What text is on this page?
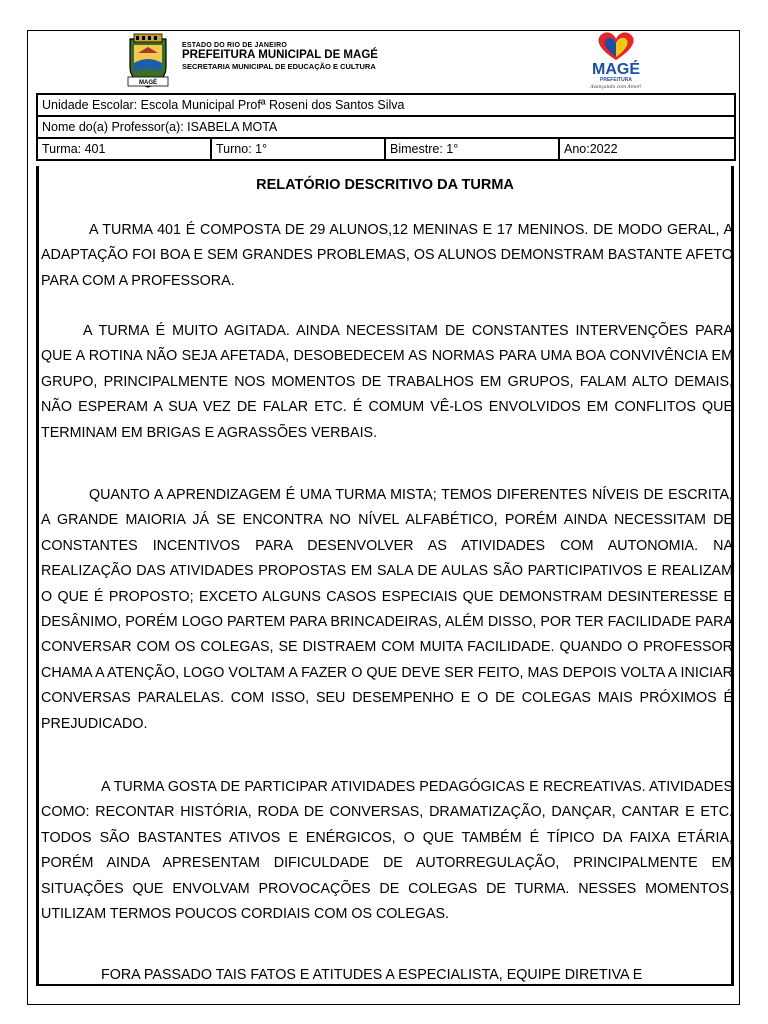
MAGÉ
ESTADO DO RIO DE JANEIRO
PREFEITURA MUNICIPAL DE MAGÉ
SECRETARIA MUNICIPAL DE EDUCAÇÃO E CULTURA	MAGÉ
PREFEITURA
Avançando com Amor!
Unidade Escolar: Escola Municipal Profª Roseni dos Santos Silva
Nome do(a) Professor(a): ISABELA MOTA
Turma: 401	Turno: 1°	Bimestre: 1°	Ano:2022
RELATÓRIO DESCRITIVO DA TURMA

A TURMA 401 É COMPOSTA DE 29 ALUNOS,12 MENINAS E 17 MENINOS. DE MODO GERAL, A ADAPTAÇÃO FOI BOA E SEM GRANDES PROBLEMAS, OS ALUNOS DEMONSTRAM BASTANTE AFETO PARA COM A PROFESSORA.

A TURMA É MUITO AGITADA. AINDA NECESSITAM DE CONSTANTES INTERVENÇÕES PARA QUE A ROTINA NÃO SEJA AFETADA, DESOBEDECEM AS NORMAS PARA UMA BOA CONVIVÊNCIA EM GRUPO, PRINCIPALMENTE NOS MOMENTOS DE TRABALHOS EM GRUPOS, FALAM ALTO DEMAIS, NÃO ESPERAM A SUA VEZ DE FALAR ETC. É COMUM VÊ-LOS ENVOLVIDOS EM CONFLITOS QUE TERMINAM EM BRIGAS E AGRASSÕES VERBAIS.

QUANTO A APRENDIZAGEM É UMA TURMA MISTA; TEMOS DIFERENTES NÍVEIS DE ESCRITA, A GRANDE MAIORIA JÁ SE ENCONTRA NO NÍVEL ALFABÉTICO, PORÉM AINDA NECESSITAM DE CONSTANTES INCENTIVOS PARA DESENVOLVER AS ATIVIDADES COM AUTONOMIA. NA REALIZAÇÃO DAS ATIVIDADES PROPOSTAS EM SALA DE AULAS SÃO PARTICIPATIVOS E REALIZAM O QUE É PROPOSTO; EXCETO ALGUNS CASOS ESPECIAIS QUE DEMONSTRAM DESINTERESSE E DESÂNIMO, PORÉM LOGO PARTEM PARA BRINCADEIRAS, ALÉM DISSO, POR TER FACILIDADE PARA CONVERSAR COM OS COLEGAS, SE DISTRAEM COM MUITA FACILIDADE. QUANDO O PROFESSOR CHAMA A ATENÇÃO, LOGO VOLTAM A FAZER O QUE DEVE SER FEITO, MAS DEPOIS VOLTA A INICIAR CONVERSAS PARALELAS. COM ISSO, SEU DESEMPENHO E O DE COLEGAS MAIS PRÓXIMOS É PREJUDICADO.

A TURMA GOSTA DE PARTICIPAR ATIVIDADES PEDAGÓGICAS E RECREATIVAS. ATIVIDADES COMO: RECONTAR HISTÓRIA, RODA DE CONVERSAS, DRAMATIZAÇÃO, DANÇAR, CANTAR E ETC. TODOS SÃO BASTANTES ATIVOS E ENÉRGICOS, O QUE TAMBÉM É TÍPICO DA FAIXA ETÁRIA, PORÉM AINDA APRESENTAM DIFICULDADE DE AUTORREGULAÇÃO, PRINCIPALMENTE EM SITUAÇÕES QUE ENVOLVAM PROVOCAÇÕES DE COLEGAS DE TURMA. NESSES MOMENTOS, UTILIZAM TERMOS POUCOS CORDIAIS COM OS COLEGAS.

FORA PASSADO TAIS FATOS E ATITUDES A ESPECIALISTA, EQUIPE DIRETIVA E
